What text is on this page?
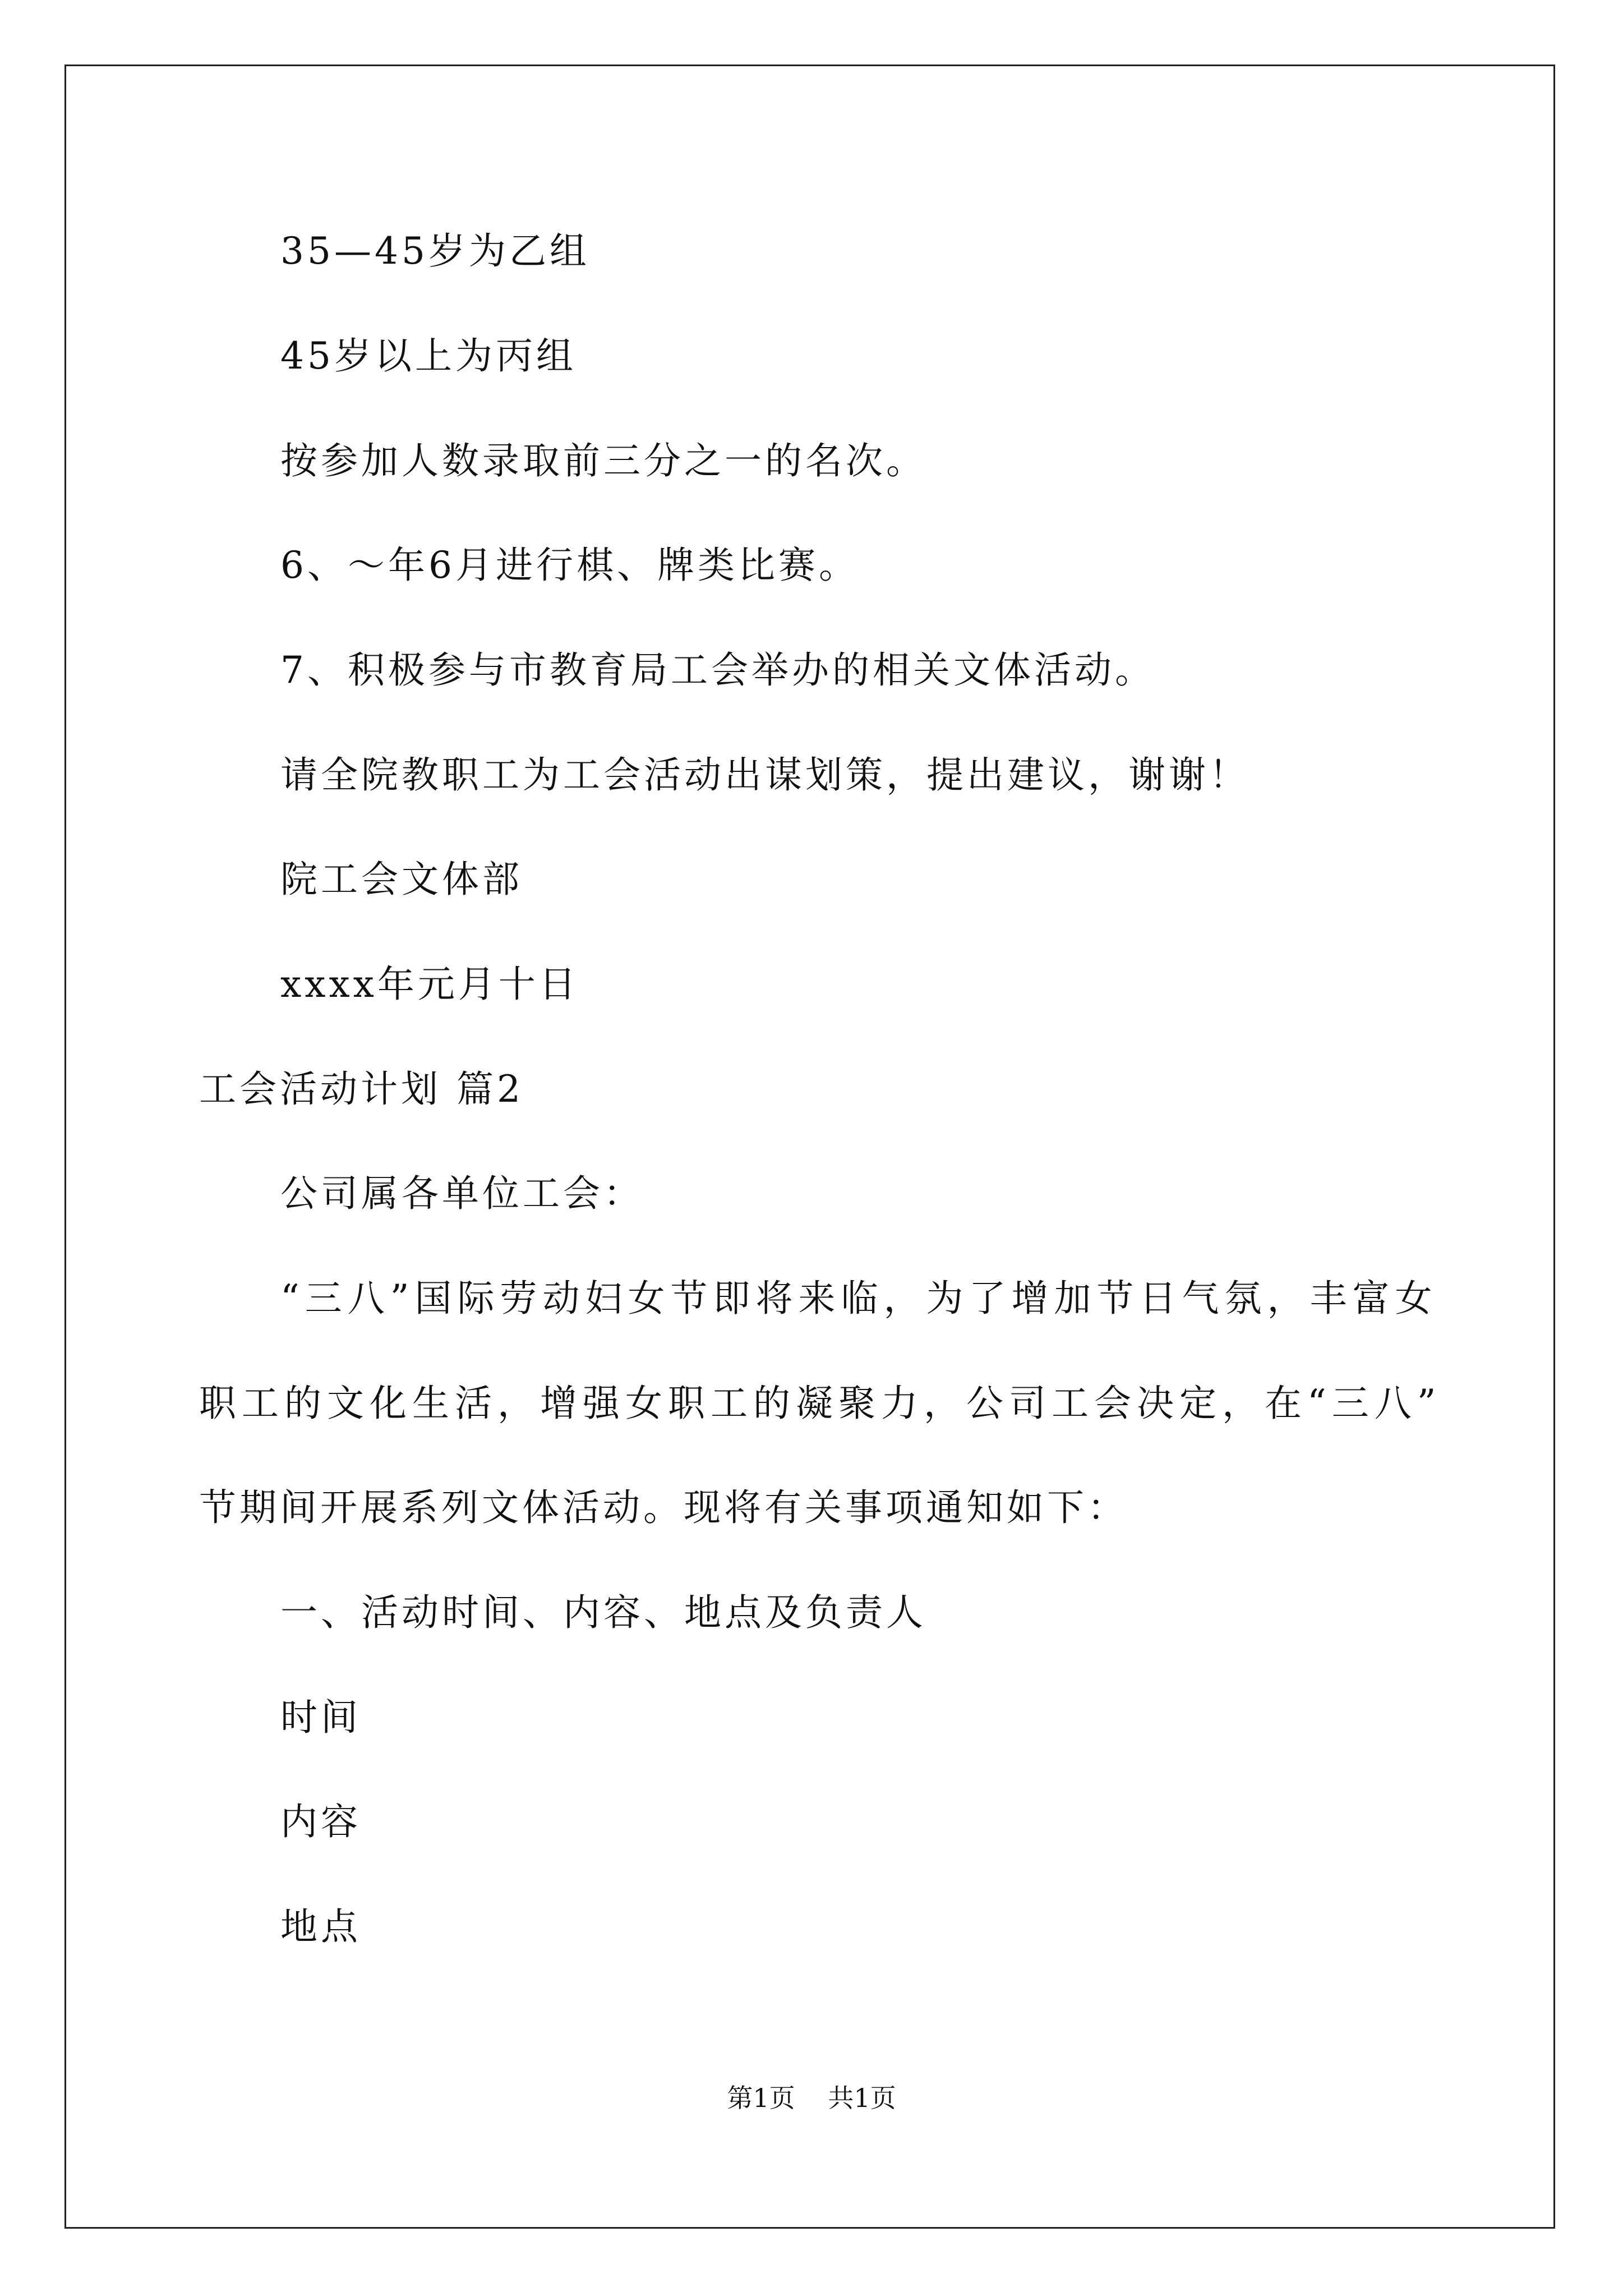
35—45岁为乙组
45岁以上为丙组
按参加人数录取前三分之一的名次。
6、～年6月进行棋、牌类比赛。
7、积极参与市教育局工会举办的相关文体活动。
请全院教职工为工会活动出谋划策，提出建议，谢谢！
院工会文体部
xxxx年元月十日
工会活动计划 篇2
公司属各单位工会：
“三八”国际劳动妇女节即将来临，为了增加节日气氛，丰富女
职工的文化生活，增强女职工的凝聚力，公司工会决定，在“三八”
节期间开展系列文体活动。现将有关事项通知如下：
一、活动时间、内容、地点及负责人
时间
内容
地点
第1页 共1页
